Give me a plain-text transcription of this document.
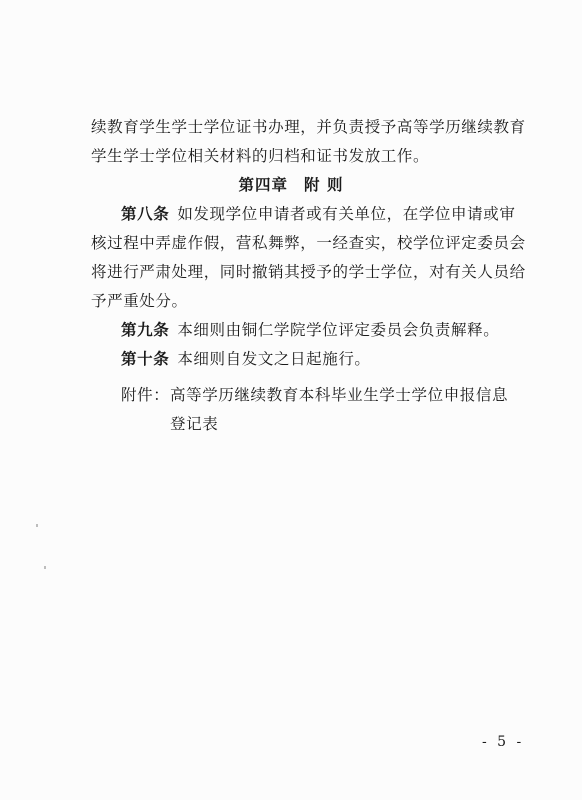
续教育学生学士学位证书办理，并负责授予高等学历继续教育
学生学士学位相关材料的归档和证书发放工作。
第四章 附 则
第八条 如发现学位申请者或有关单位，在学位申请或审
核过程中弄虚作假，营私舞弊，一经查实，校学位评定委员会
将进行严肃处理，同时撤销其授予的学士学位，对有关人员给
予严重处分。
第九条 本细则由铜仁学院学位评定委员会负责解释。
第十条 本细则自发文之日起施行。
附件： 高等学历继续教育本科毕业生学士学位申报信息
登记表
- 5 -
